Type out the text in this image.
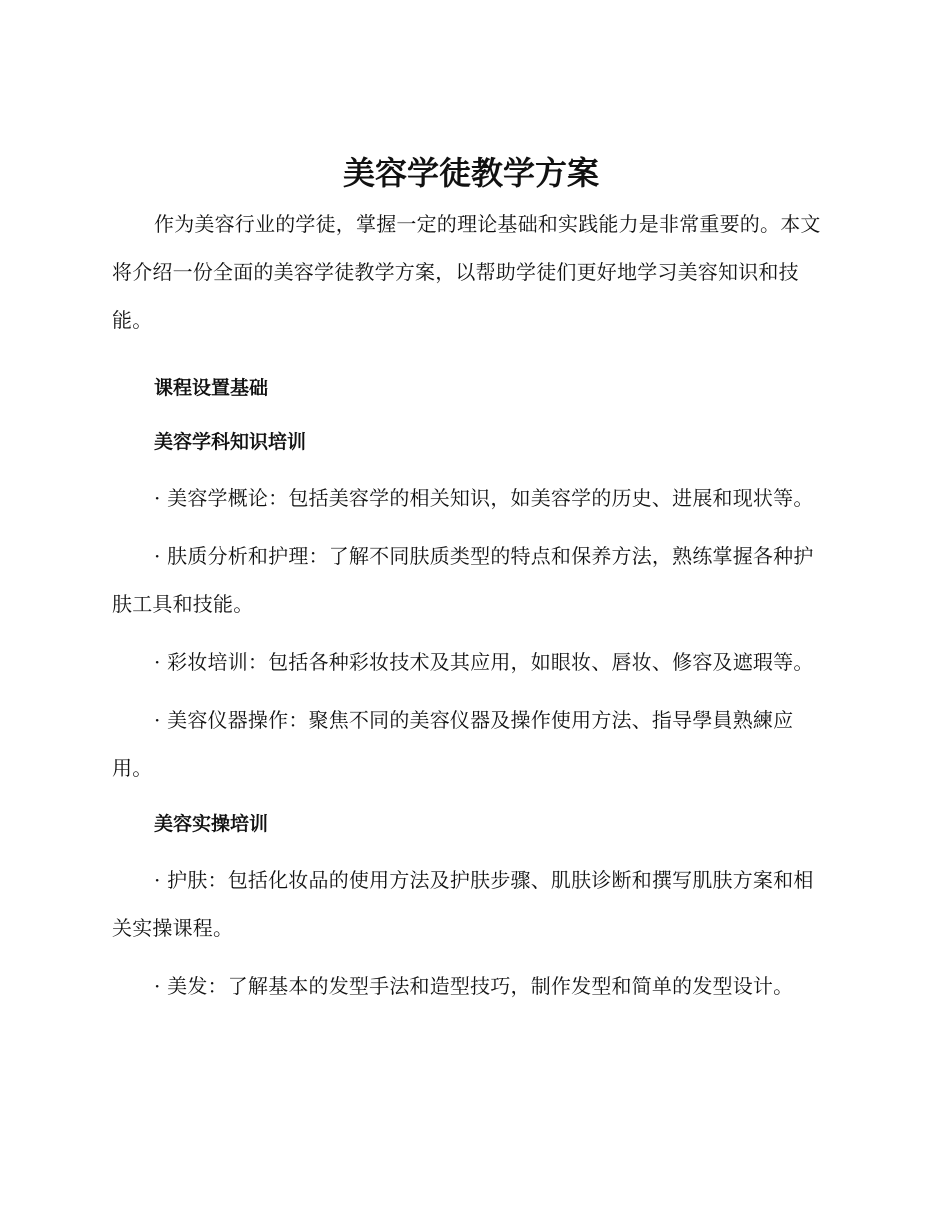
美容学徒教学方案

作为美容行业的学徒，掌握一定的理论基础和实践能力是非常重要的。本文将介绍一份全面的美容学徒教学方案，以帮助学徒们更好地学习美容知识和技能。

课程设置基础
美容学科知识培训

· 美容学概论：包括美容学的相关知识，如美容学的历史、进展和现状等。

· 肤质分析和护理：了解不同肤质类型的特点和保养方法，熟练掌握各种护肤工具和技能。

· 彩妆培训：包括各种彩妆技术及其应用，如眼妆、唇妆、修容及遮瑕等。

· 美容仪器操作：聚焦不同的美容仪器及操作使用方法、指导學員熟練应用。

美容实操培训

· 护肤：包括化妆品的使用方法及护肤步骤、肌肤诊断和撰写肌肤方案和相关实操课程。

· 美发：了解基本的发型手法和造型技巧，制作发型和简单的发型设计。
